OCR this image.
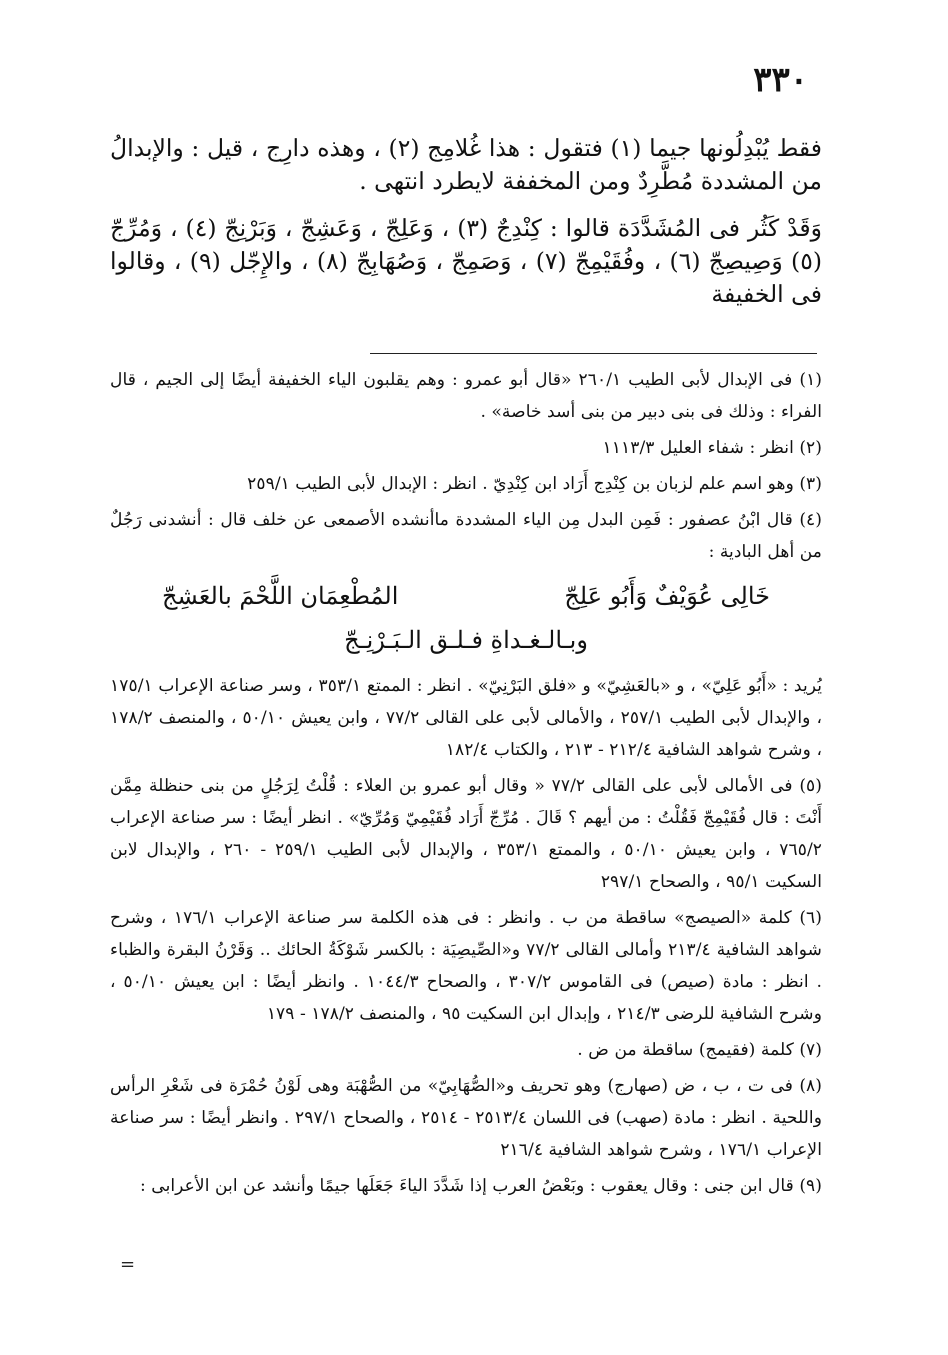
٣٣٠

فقط يُبْدِلُونها جيما (١) فتقول : هذا غُلامِج (٢) ، وهذه دارِج ، قيل : والإبدالُ من المشددة مُطَّرِدٌ ومن المخففة لايطرد انتهى .

وَقَدْ كَثُر فى المُشَدَّدَة قالوا : كِنْدِجٌ (٣) ، وَعَلِجّ ، وَعَشِجّ ، وَبَرْنِجّ (٤) ، وَمُرِّجّ (٥) وَصِيصِجّ (٦) ، وفُقَيْمِجّ (٧) ، وَصَمِجّ ، وَصُهَابِجّ (٨) ، والإِجّل (٩) ، وقالوا فى الخفيفة

(١) فى الإبدال لأبى الطيب ٢٦٠/١ «قال أبو عمرو : وهم يقلبون الياء الخفيفة أيضًا إلى الجيم ، قال الفراء : وذلك فى بنى دبير من بنى أسد خاصة» .

(٢) انظر : شفاء العليل ١١١٣/٣

(٣) وهو اسم علم لزبان بن كِنْدِج أَرَاد ابن كِنْدِيّ . انظر : الإبدال لأبى الطيب ٢٥٩/١

(٤) قال ابْنُ عصفور : فَمِن البدل مِن الياء المشددة ماأنشده الأصمعى عن خلف قال : أنشدنى رَجُلٌ من أهل البادية :

خَالِى عُوَيْفٌ وَأَبُو عَلِجّ
المُطْعِمَان اللَّحْمَ بالعَشِجّ
وبـالـغـداةِ فـلـق الـبَـرْنِـجّ

يُريد : «أَبُو عَلِيّ» ، و «بالعَشِيّ» و «فلق البَرْنِيّ» . انظر : الممتع ٣٥٣/١ ، وسر صناعة الإعراب ١٧٥/١ ، والإبدال لأبى الطيب ٢٥٧/١ ، والأمالى لأبى على القالى ٧٧/٢ ، وابن يعيش ٥٠/١٠ ، والمنصف ١٧٨/٢ ، وشرح شواهد الشافية ٢١٢/٤ - ٢١٣ ، والكتاب ١٨٢/٤

(٥) فى الأمالى لأبى على القالى ٧٧/٢ « وقال أبو عمرو بن العلاء : قُلْتُ لِرَجُلٍ من بنى حنظلة مِمَّن أَنْتَ : قال فُقَيْمِجّ فَقُلْتُ : من أيهم ؟ قَالَ . مُرِّجّ أَرَاد فُقَيْمِيّ وَمُرِّيّ» . انظر أيضًا : سر صناعة الإعراب ٧٦٥/٢ ، وابن يعيش ٥٠/١٠ ، والممتع ٣٥٣/١ ، والإبدال لأبى الطيب ٢٥٩/١ - ٢٦٠ ، والإبدال لابن السكيت ٩٥/١ ، والصحاح ٢٩٧/١

(٦) كلمة «الصيصج» ساقطة من ب . وانظر : فى هذه الكلمة سر صناعة الإعراب ١٧٦/١ ، وشرح شواهد الشافية ٢١٣/٤ وأمالى القالى ٧٧/٢ و«الصِّيصِيَة : بالكسر شَوْكَةُ الحائك .. وَقَرْنُ البقرة والظباء . انظر : مادة (صيص) فى القاموس ٣٠٧/٢ ، والصحاح ١٠٤٤/٣ . وانظر أيضًا : ابن يعيش ٥٠/١٠ ، وشرح الشافية للرضى ٢١٤/٣ ، وإبدال ابن السكيت ٩٥ ، والمنصف ١٧٨/٢ - ١٧٩

(٧) كلمة (فقيمج) ساقطة من ض .

(٨) فى ت ، ب ، ض (صهارج) وهو تحريف و«الصُّهَابِيّ» من الصُّهْبَة وهى لَوْنُ حُمْرَة فى شَعْرِ الرأس واللحية . انظر : مادة (صهب) فى اللسان ٢٥١٣/٤ - ٢٥١٤ ، والصحاح ٢٩٧/١ . وانظر أيضًا : سر صناعة الإعراب ١٧٦/١ ، وشرح شواهد الشافية ٢١٦/٤

(٩) قال ابن جنى : وقال يعقوب : وبَعْضُ العرب إذا شَدَّدَ الياءَ جَعَلَها جيمًا وأنشد عن ابن الأعرابى :

=
